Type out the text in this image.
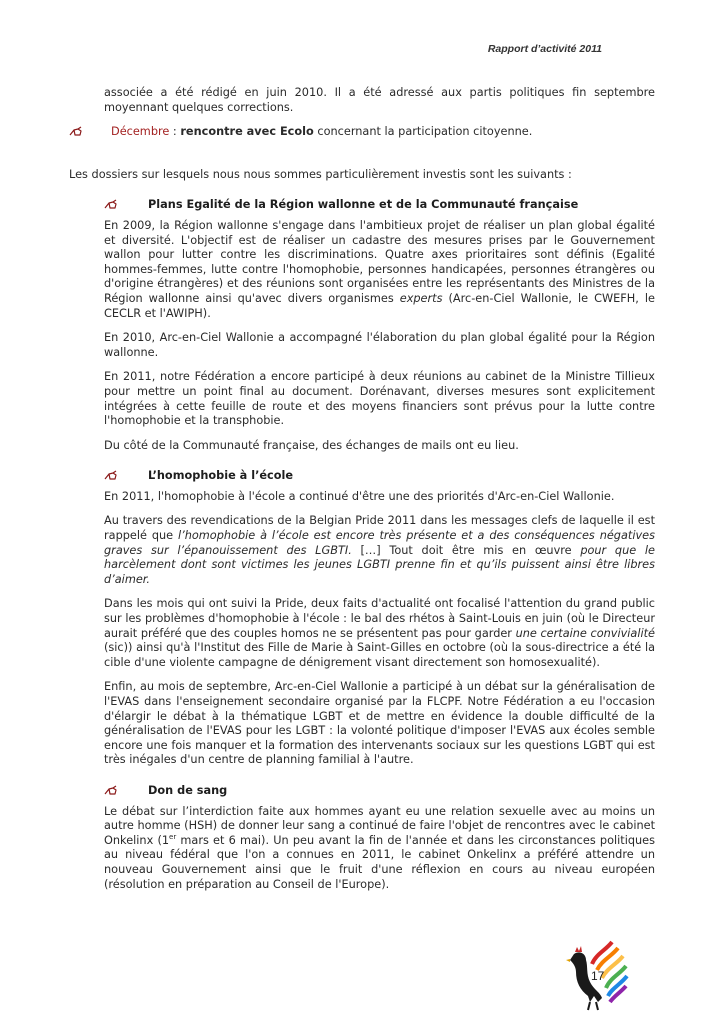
Rapport d’activité 2011

associée a été rédigé en juin 2010. Il a été adressé aux partis politiques fin septembre moyennant quelques corrections.

Décembre : rencontre avec Ecolo concernant la participation citoyenne.

Les dossiers sur lesquels nous nous sommes particulièrement investis sont les suivants :

Plans Egalité de la Région wallonne et de la Communauté française

En 2009, la Région wallonne s'engage dans l'ambitieux projet de réaliser un plan global égalité et diversité. L'objectif est de réaliser un cadastre des mesures prises par le Gouvernement wallon pour lutter contre les discriminations. Quatre axes prioritaires sont définis (Egalité hommes-femmes, lutte contre l'homophobie, personnes handicapées, personnes étrangères ou d'origine étrangères) et des réunions sont organisées entre les représentants des Ministres de la Région wallonne ainsi qu'avec divers organismes experts (Arc-en-Ciel Wallonie, le CWEFH, le CECLR et l'AWIPH).

En 2010, Arc-en-Ciel Wallonie a accompagné l'élaboration du plan global égalité pour la Région wallonne.

En 2011, notre Fédération a encore participé à deux réunions au cabinet de la Ministre Tillieux pour mettre un point final au document. Dorénavant, diverses mesures sont explicitement intégrées à cette feuille de route et des moyens financiers sont prévus pour la lutte contre l'homophobie et la transphobie.

Du côté de la Communauté française, des échanges de mails ont eu lieu.

L’homophobie à l’école

En 2011, l'homophobie à l'école a continué d'être une des priorités d'Arc-en-Ciel Wallonie.

Au travers des revendications de la Belgian Pride 2011 dans les messages clefs de laquelle il est rappelé que l’homophobie à l’école est encore très présente et a des conséquences négatives graves sur l’épanouissement des LGBTI. […] Tout doit être mis en œuvre pour que le harcèlement dont sont victimes les jeunes LGBTI prenne fin et qu’ils puissent ainsi être libres d’aimer.

Dans les mois qui ont suivi la Pride, deux faits d'actualité ont focalisé l'attention du grand public sur les problèmes d'homophobie à l'école : le bal des rhétos à Saint-Louis en juin (où le Directeur aurait préféré que des couples homos ne se présentent pas pour garder une certaine convivialité (sic)) ainsi qu'à l'Institut des Fille de Marie à Saint-Gilles en octobre (où la sous-directrice a été la cible d'une violente campagne de dénigrement visant directement son homosexualité).

Enfin, au mois de septembre, Arc-en-Ciel Wallonie a participé à un débat sur la généralisation de l'EVAS dans l'enseignement secondaire organisé par la FLCPF. Notre Fédération a eu l'occasion d'élargir le débat à la thématique LGBT et de mettre en évidence la double difficulté de la généralisation de l'EVAS pour les LGBT : la volonté politique d'imposer l'EVAS aux écoles semble encore une fois manquer et la formation des intervenants sociaux sur les questions LGBT qui est très inégales d'un centre de planning familial à l'autre.

Don de sang

Le débat sur l’interdiction faite aux hommes ayant eu une relation sexuelle avec au moins un autre homme (HSH) de donner leur sang a continué de faire l'objet de rencontres avec le cabinet Onkelinx (1er mars et 6 mai). Un peu avant la fin de l'année et dans les circonstances politiques au niveau fédéral que l'on a connues en 2011, le cabinet Onkelinx a préféré attendre un nouveau Gouvernement ainsi que le fruit d'une réflexion en cours au niveau européen (résolution en préparation au Conseil de l'Europe).

17
